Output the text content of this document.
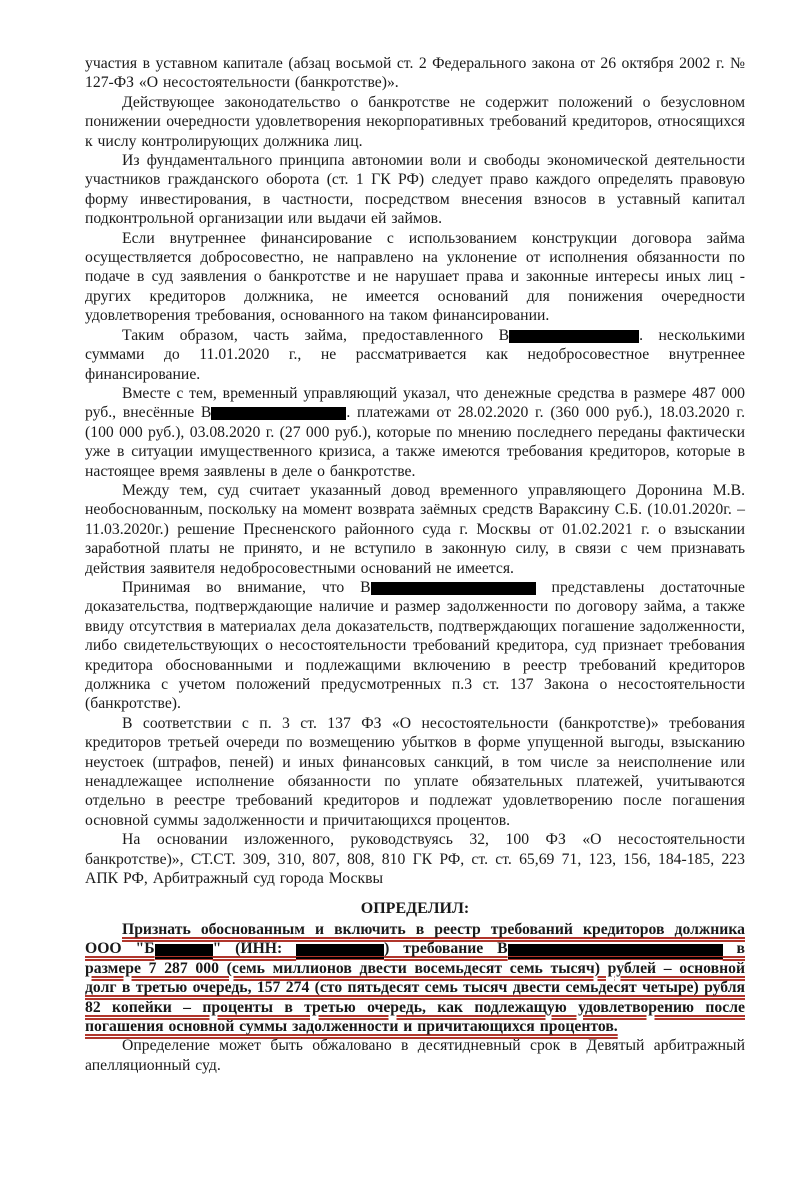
участия в уставном капитале (абзац восьмой ст. 2 Федерального закона от 26 октября 2002 г. № 127-ФЗ «О несостоятельности (банкротстве)».

Действующее законодательство о банкротстве не содержит положений о безусловном понижении очередности удовлетворения некорпоративных требований кредиторов, относящихся к числу контролирующих должника лиц.

Из фундаментального принципа автономии воли и свободы экономической деятельности участников гражданского оборота (ст. 1 ГК РФ) следует право каждого определять правовую форму инвестирования, в частности, посредством внесения взносов в уставный капитал подконтрольной организации или выдачи ей займов.

Если внутреннее финансирование с использованием конструкции договора займа осуществляется добросовестно, не направлено на уклонение от исполнения обязанности по подаче в суд заявления о банкротстве и не нарушает права и законные интересы иных лиц - других кредиторов должника, не имеется оснований для понижения очередности удовлетворения требования, основанного на таком финансировании.

Таким образом, часть займа, предоставленного В	. несколькими суммами до 11.01.2020 г., не рассматривается как недобросовестное внутреннее финансирование.

Вместе с тем, временный управляющий указал, что денежные средства в размере 487 000 руб., внесённые В	. платежами от 28.02.2020 г. (360 000 руб.), 18.03.2020 г. (100 000 руб.), 03.08.2020 г. (27 000 руб.), которые по мнению последнего переданы фактически уже в ситуации имущественного кризиса, а также имеются требования кредиторов, которые в настоящее время заявлены в деле о банкротстве.

Между тем, суд считает указанный довод временного управляющего Доронина М.В. необоснованным, поскольку на момент возврата заёмных средств Вараксину С.Б. (10.01.2020г. – 11.03.2020г.) решение Пресненского районного суда г. Москвы от 01.02.2021 г. о взыскании заработной платы не принято, и не вступило в законную силу, в связи с чем признавать действия заявителя недобросовестными оснований не имеется.

Принимая во внимание, что В	представлены достаточные доказательства, подтверждающие наличие и размер задолженности по договору займа, а также ввиду отсутствия в материалах дела доказательств, подтверждающих погашение задолженности, либо свидетельствующих о несостоятельности требований кредитора, суд признает требования кредитора обоснованными и подлежащими включению в реестр требований кредиторов должника с учетом положений предусмотренных п.3 ст. 137 Закона о несостоятельности (банкротстве).

В соответствии с п. 3 ст. 137 ФЗ «О несостоятельности (банкротстве)» требования кредиторов третьей очереди по возмещению убытков в форме упущенной выгоды, взысканию неустоек (штрафов, пеней) и иных финансовых санкций, в том числе за неисполнение или ненадлежащее исполнение обязанности по уплате обязательных платежей, учитываются отдельно в реестре требований кредиторов и подлежат удовлетворению после погашения основной суммы задолженности и причитающихся процентов.

На основании изложенного, руководствуясь 32, 100 ФЗ «О несостоятельности банкротстве)», СТ.СТ. 309, 310, 807, 808, 810 ГК РФ, ст. ст. 65,69 71, 123, 156, 184-185, 223 АПК РФ, Арбитражный суд города Москвы

ОПРЕДЕЛИЛ:

Признать обоснованным и включить в реестр требований кредиторов должника ООО "Б	" (ИНН:	) требование В	в размере 7 287 000 (семь миллионов двести восемьдесят семь тысяч) рублей – основной долг в третью очередь, 157 274 (сто пятьдесят семь тысяч двести семьдесят четыре) рубля 82 копейки – проценты в третью очередь, как подлежащую удовлетворению после погашения основной суммы задолженности и причитающихся процентов.

Определение может быть обжаловано в десятидневный срок в Девятый арбитражный апелляционный суд.
